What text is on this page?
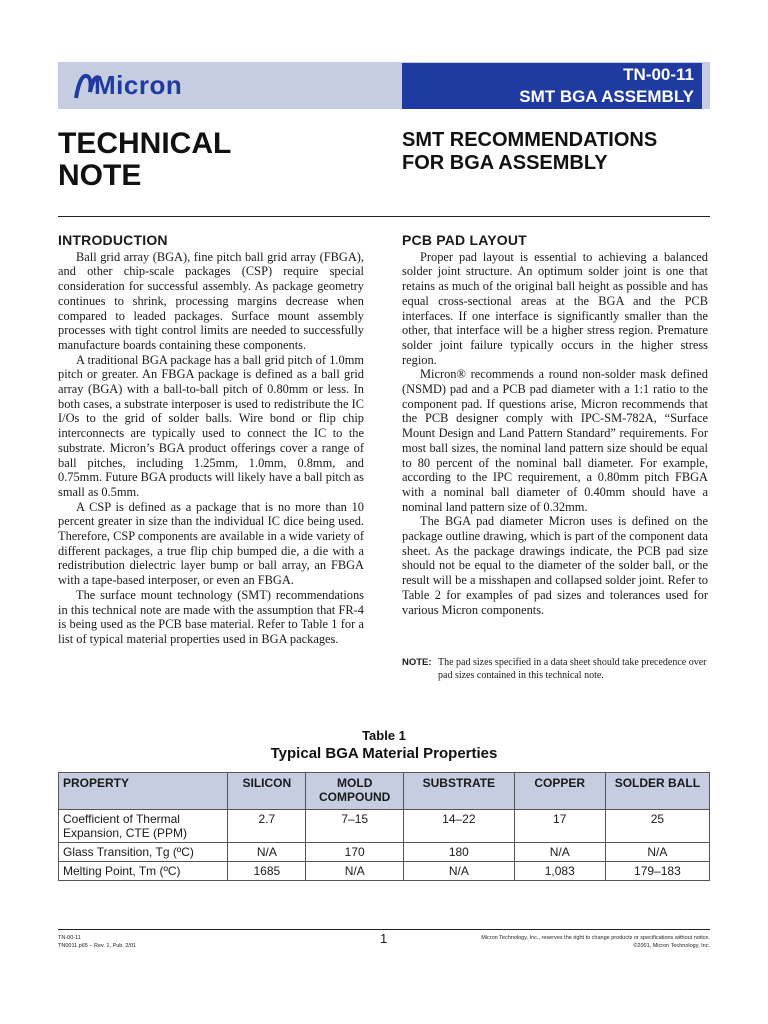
Micron	TN-00-11
SMT BGA ASSEMBLY
TECHNICAL
NOTE
SMT RECOMMENDATIONS
FOR BGA ASSEMBLY
INTRODUCTION

Ball grid array (BGA), fine pitch ball grid array (FBGA), and other chip-scale packages (CSP) require special consideration for successful assembly. As package geometry continues to shrink, processing margins decrease when compared to leaded packages. Surface mount assembly processes with tight control limits are needed to successfully manufacture boards containing these components.

A traditional BGA package has a ball grid pitch of 1.0mm pitch or greater. An FBGA package is defined as a ball grid array (BGA) with a ball-to-ball pitch of 0.80mm or less. In both cases, a substrate interposer is used to redistribute the IC I/Os to the grid of solder balls. Wire bond or flip chip interconnects are typically used to connect the IC to the substrate. Micron’s BGA product offerings cover a range of ball pitches, including 1.25mm, 1.0mm, 0.8mm, and 0.75mm. Future BGA products will likely have a ball pitch as small as 0.5mm.

A CSP is defined as a package that is no more than 10 percent greater in size than the individual IC dice being used. Therefore, CSP components are available in a wide variety of different packages, a true flip chip bumped die, a die with a redistribution dielectric layer bump or ball array, an FBGA with a tape-based interposer, or even an FBGA.

The surface mount technology (SMT) recommendations in this technical note are made with the assumption that FR-4 is being used as the PCB base material. Refer to Table 1 for a list of typical material properties used in BGA packages.

PCB PAD LAYOUT

Proper pad layout is essential to achieving a balanced solder joint structure. An optimum solder joint is one that retains as much of the original ball height as possible and has equal cross-sectional areas at the BGA and the PCB interfaces. If one interface is significantly smaller than the other, that interface will be a higher stress region. Premature solder joint failure typically occurs in the higher stress region.

Micron® recommends a round non-solder mask defined (NSMD) pad and a PCB pad diameter with a 1:1 ratio to the component pad. If questions arise, Micron recommends that the PCB designer comply with IPC-SM-782A, “Surface Mount Design and Land Pattern Standard” requirements. For most ball sizes, the nominal land pattern size should be equal to 80 percent of the nominal ball diameter. For example, according to the IPC requirement, a 0.80mm pitch FBGA with a nominal ball diameter of 0.40mm should have a nominal land pattern size of 0.32mm.

The BGA pad diameter Micron uses is defined on the package outline drawing, which is part of the component data sheet. As the package drawings indicate, the PCB pad size should not be equal to the diameter of the solder ball, or the result will be a misshapen and collapsed solder joint. Refer to Table 2 for examples of pad sizes and tolerances used for various Micron components.

NOTE: The pad sizes specified in a data sheet should take precedence over pad sizes contained in this technical note.
Table 1
Typical BGA Material Properties
PROPERTY	SILICON	MOLD COMPOUND	SUBSTRATE	COPPER	SOLDER BALL
Coefficient of Thermal Expansion, CTE (PPM)	2.7	7–15	14–22	17	25
Glass Transition, Tg (ºC)	N/A	170	180	N/A	N/A
Melting Point, Tm (ºC)	1685	N/A	N/A	1,083	179–183
TN-00-11
TN0011.p65 – Rev. 1, Pub. 2/01	1	Micron Technology, Inc., reserves the right to change products or specifications without notice.
©2001, Micron Technology, Inc.
